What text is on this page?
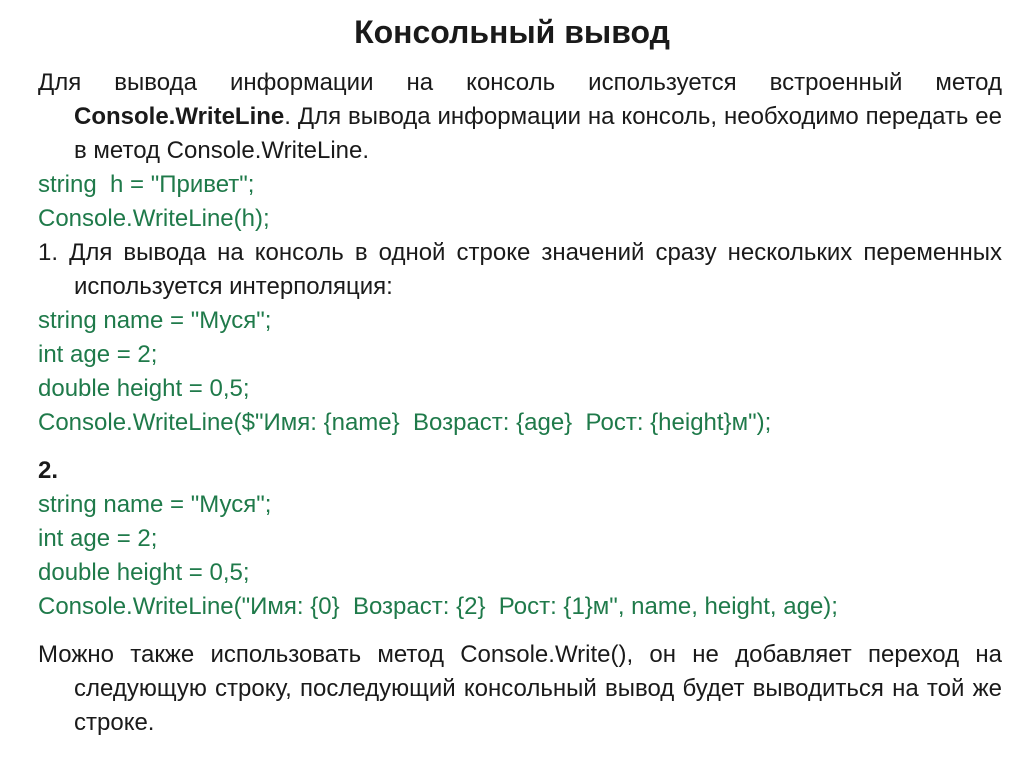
Консольный вывод

Для вывода информации на консоль используется встроенный метод Console.WriteLine. Для вывода информации на консоль, необходимо передать ее в метод Console.WriteLine.

string  h = "Привет";
Console.WriteLine(h);

1. Для вывода на консоль в одной строке значений сразу нескольких переменных используется интерполяция:

string name = "Муся";
int age = 2;
double height = 0,5;
Console.WriteLine($"Имя: {name}  Возраст: {age}  Рост: {height}м");
2.
string name = "Муся";
int age = 2;
double height = 0,5;
Console.WriteLine("Имя: {0}  Возраст: {2}  Рост: {1}м", name, height, age);

Можно также использовать метод Console.Write(), он не добавляет переход на следующую строку, последующий консольный вывод будет выводиться на той же строке.
